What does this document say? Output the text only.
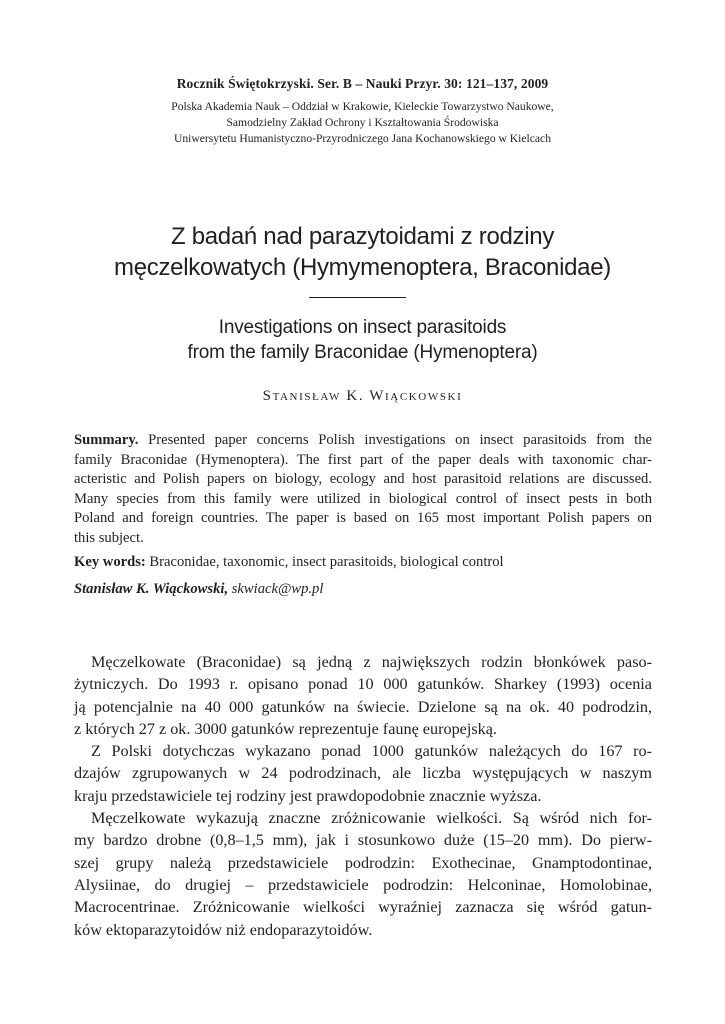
Rocznik Świętokrzyski. Ser. B – Nauki Przyr. 30: 121–137, 2009
Polska Akademia Nauk – Oddział w Krakowie, Kieleckie Towarzystwo Naukowe,
Samodzielny Zakład Ochrony i Kształtowania Środowiska
Uniwersytetu Humanistyczno-Przyrodniczego Jana Kochanowskiego w Kielcach
Z badań nad parazytoidami z rodziny
męczelkowatych (Hymymenoptera, Braconidae)
Investigations on insect parasitoids
from the family Braconidae (Hymenoptera)
Stanisław K. Wiąckowski
Summary. Presented paper concerns Polish investigations on insect parasitoids from the
family Braconidae (Hymenoptera). The first part of the paper deals with taxonomic char-
acteristic and Polish papers on biology, ecology and host parasitoid relations are discussed.
Many species from this family were utilized in biological control of insect pests in both
Poland and foreign countries. The paper is based on 165 most important Polish papers on
this subject.
Key words: Braconidae, taxonomic, insect parasitoids, biological control
Stanisław K. Wiąckowski, skwiack@wp.pl
Męczelkowate (Braconidae) są jedną z największych rodzin błonkówek paso-
żytniczych. Do 1993 r. opisano ponad 10 000 gatunków. Sharkey (1993) ocenia
ją potencjalnie na 40 000 gatunków na świecie. Dzielone są na ok. 40 podrodzin,
z których 27 z ok. 3000 gatunków reprezentuje faunę europejską.
Z Polski dotychczas wykazano ponad 1000 gatunków należących do 167 ro-
dzajów zgrupowanych w 24 podrodzinach, ale liczba występujących w naszym
kraju przedstawiciele tej rodziny jest prawdopodobnie znacznie wyższa.
Męczelkowate wykazują znaczne zróżnicowanie wielkości. Są wśród nich for-
my bardzo drobne (0,8–1,5 mm), jak i stosunkowo duże (15–20 mm). Do pierw-
szej grupy należą przedstawiciele podrodzin: Exothecinae, Gnamptodontinae,
Alysiinae, do drugiej – przedstawiciele podrodzin: Helconinae, Homolobinae,
Macrocentrinae. Zróżnicowanie wielkości wyraźniej zaznacza się wśród gatun-
ków ektoparazytoidów niż endoparazytoidów.
